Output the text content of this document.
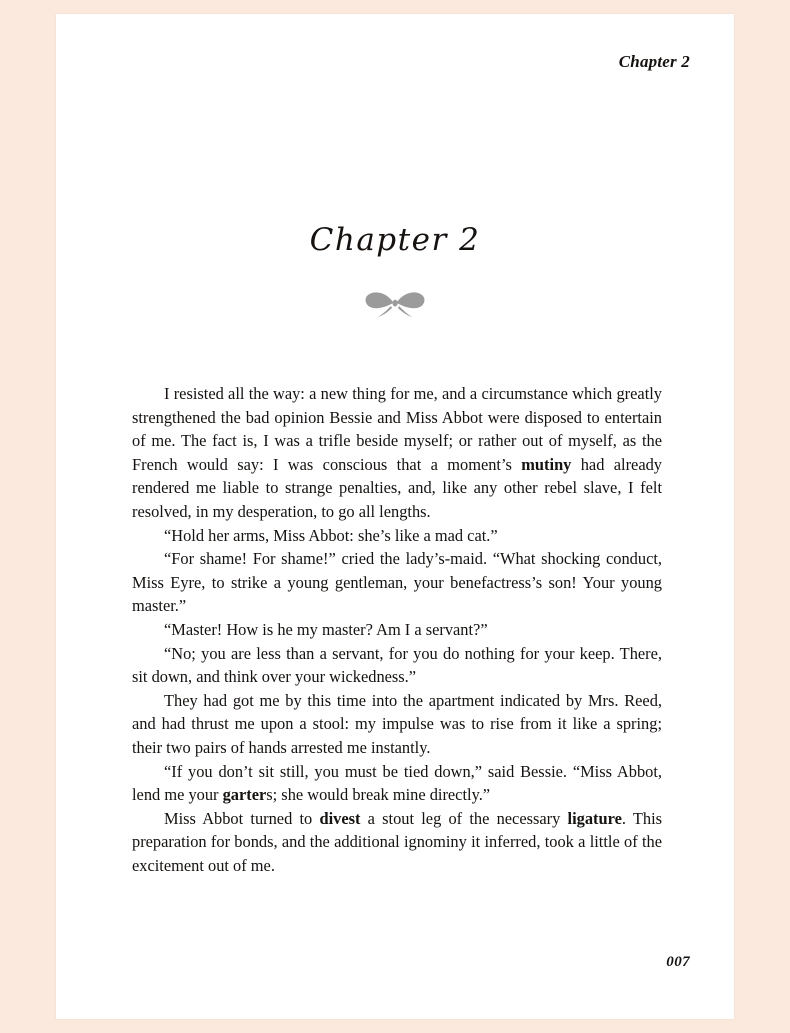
Chapter 2
Chapter 2

I resisted all the way: a new thing for me, and a circumstance which greatly strengthened the bad opinion Bessie and Miss Abbot were disposed to entertain of me. The fact is, I was a trifle beside myself; or rather out of myself, as the French would say: I was conscious that a moment’s mutiny had already rendered me liable to strange penalties, and, like any other rebel slave, I felt resolved, in my desperation, to go all lengths.

“Hold her arms, Miss Abbot: she’s like a mad cat.”

“For shame! For shame!” cried the lady’s-maid. “What shocking conduct, Miss Eyre, to strike a young gentleman, your benefactress’s son! Your young master.”

“Master! How is he my master? Am I a servant?”

“No; you are less than a servant, for you do nothing for your keep. There, sit down, and think over your wickedness.”

They had got me by this time into the apartment indicated by Mrs. Reed, and had thrust me upon a stool: my impulse was to rise from it like a spring; their two pairs of hands arrested me instantly.

“If you don’t sit still, you must be tied down,” said Bessie. “Miss Abbot, lend me your garters; she would break mine directly.”

Miss Abbot turned to divest a stout leg of the necessary ligature. This preparation for bonds, and the additional ignominy it inferred, took a little of the excitement out of me.

007
